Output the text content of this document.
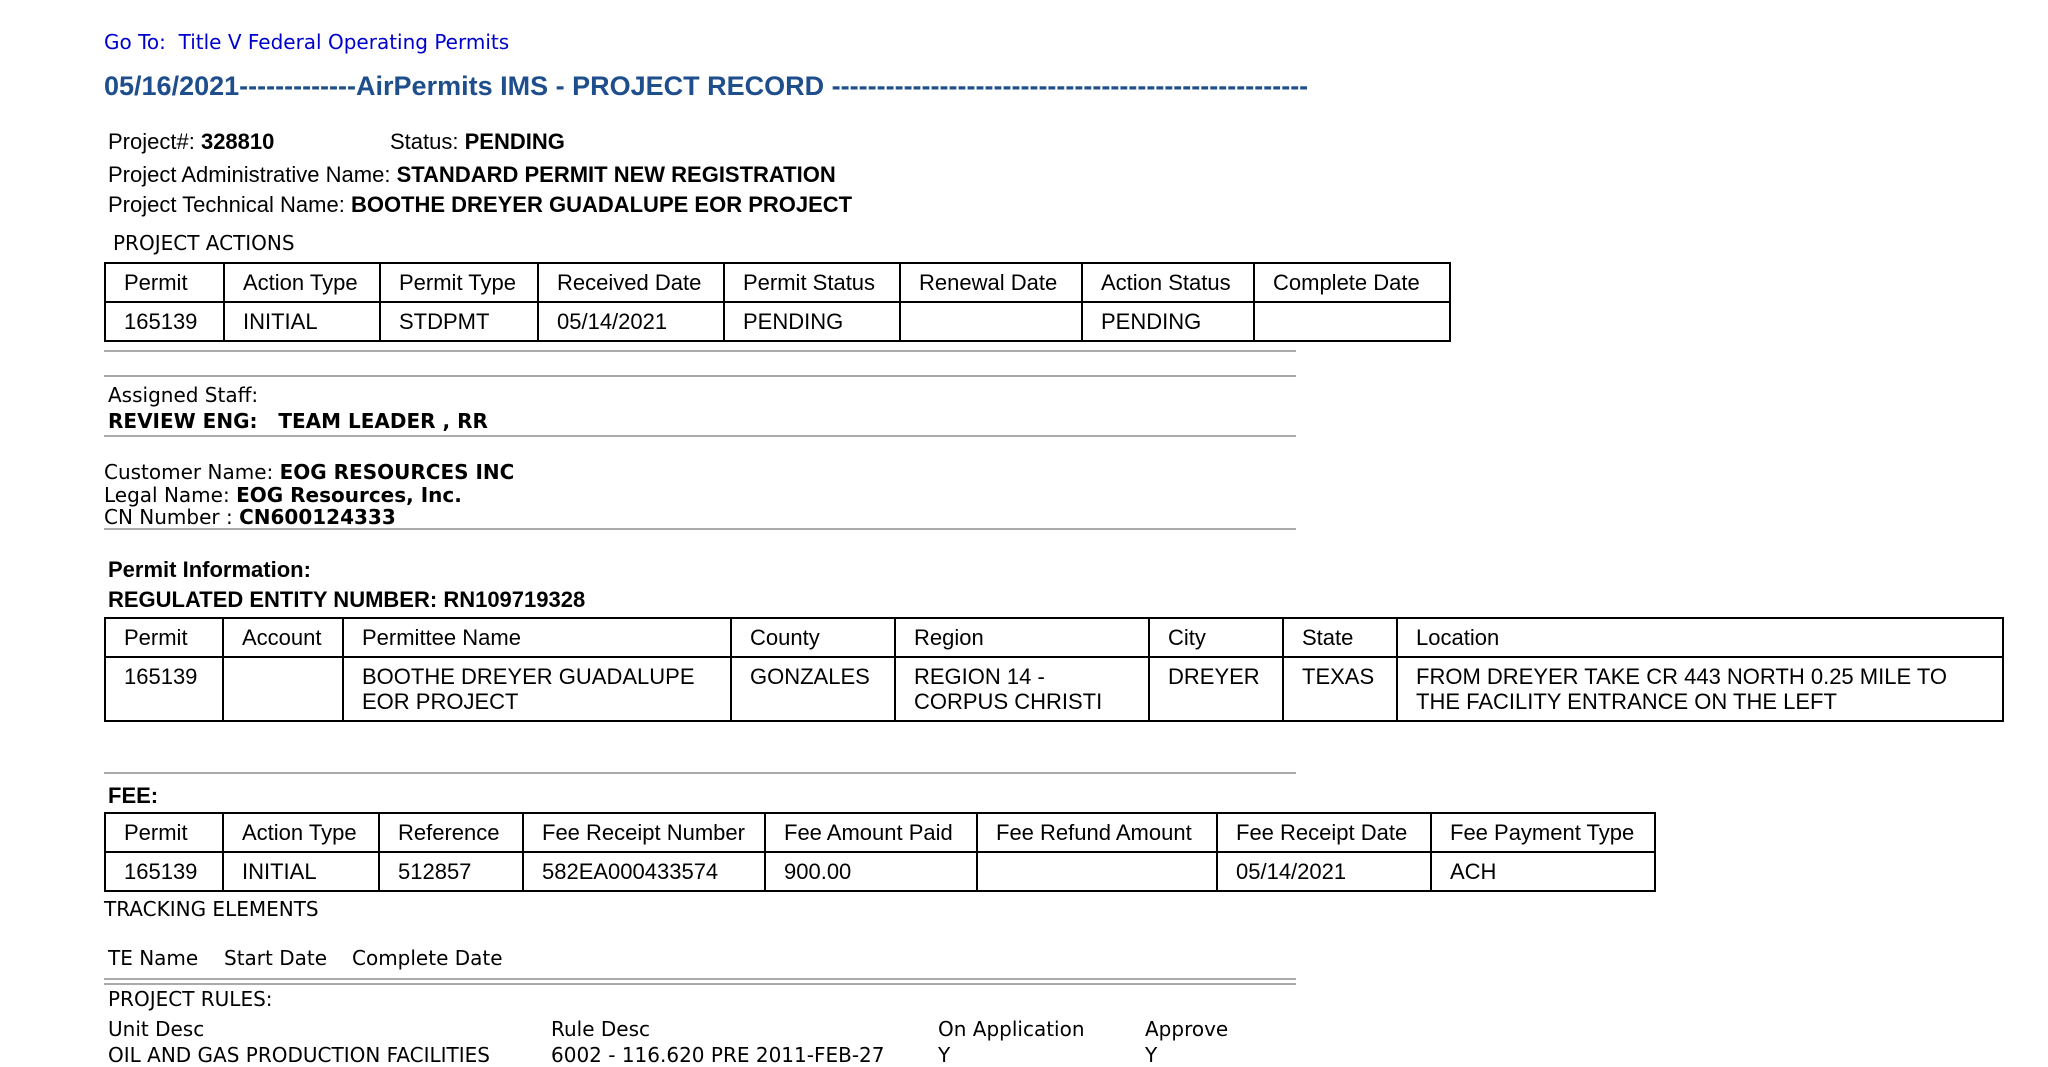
Go To: Title V Federal Operating Permits
05/16/2021-------------AirPermits IMS - PROJECT RECORD -----------------------------------------------------
Project#: 328810	Status: PENDING
Project Administrative Name: STANDARD PERMIT NEW REGISTRATION
Project Technical Name: BOOTHE DREYER GUADALUPE EOR PROJECT
PROJECT ACTIONS
Permit	Action Type	Permit Type	Received Date	Permit Status	Renewal Date	Action Status	Complete Date
165139	INITIAL	STDPMT	05/14/2021	PENDING		PENDING	
Assigned Staff:
REVIEW ENG: TEAM LEADER , RR
Customer Name: EOG RESOURCES INC
Legal Name: EOG Resources, Inc.
CN Number : CN600124333
Permit Information:
REGULATED ENTITY NUMBER: RN109719328
Permit	Account	Permittee Name	County	Region	City	State	Location
165139		BOOTHE DREYER GUADALUPE EOR PROJECT	GONZALES	REGION 14 - CORPUS CHRISTI	DREYER	TEXAS	FROM DREYER TAKE CR 443 NORTH 0.25 MILE TO THE FACILITY ENTRANCE ON THE LEFT
FEE:
Permit	Action Type	Reference	Fee Receipt Number	Fee Amount Paid	Fee Refund Amount	Fee Receipt Date	Fee Payment Type
165139	INITIAL	512857	582EA000433574	900.00		05/14/2021	ACH
TRACKING ELEMENTS
TE Name Start Date Complete Date
PROJECT RULES:
Unit Desc	Rule Desc	On Application	Approve
OIL AND GAS PRODUCTION FACILITIES	6002 - 116.620 PRE 2011-FEB-27	Y	Y
